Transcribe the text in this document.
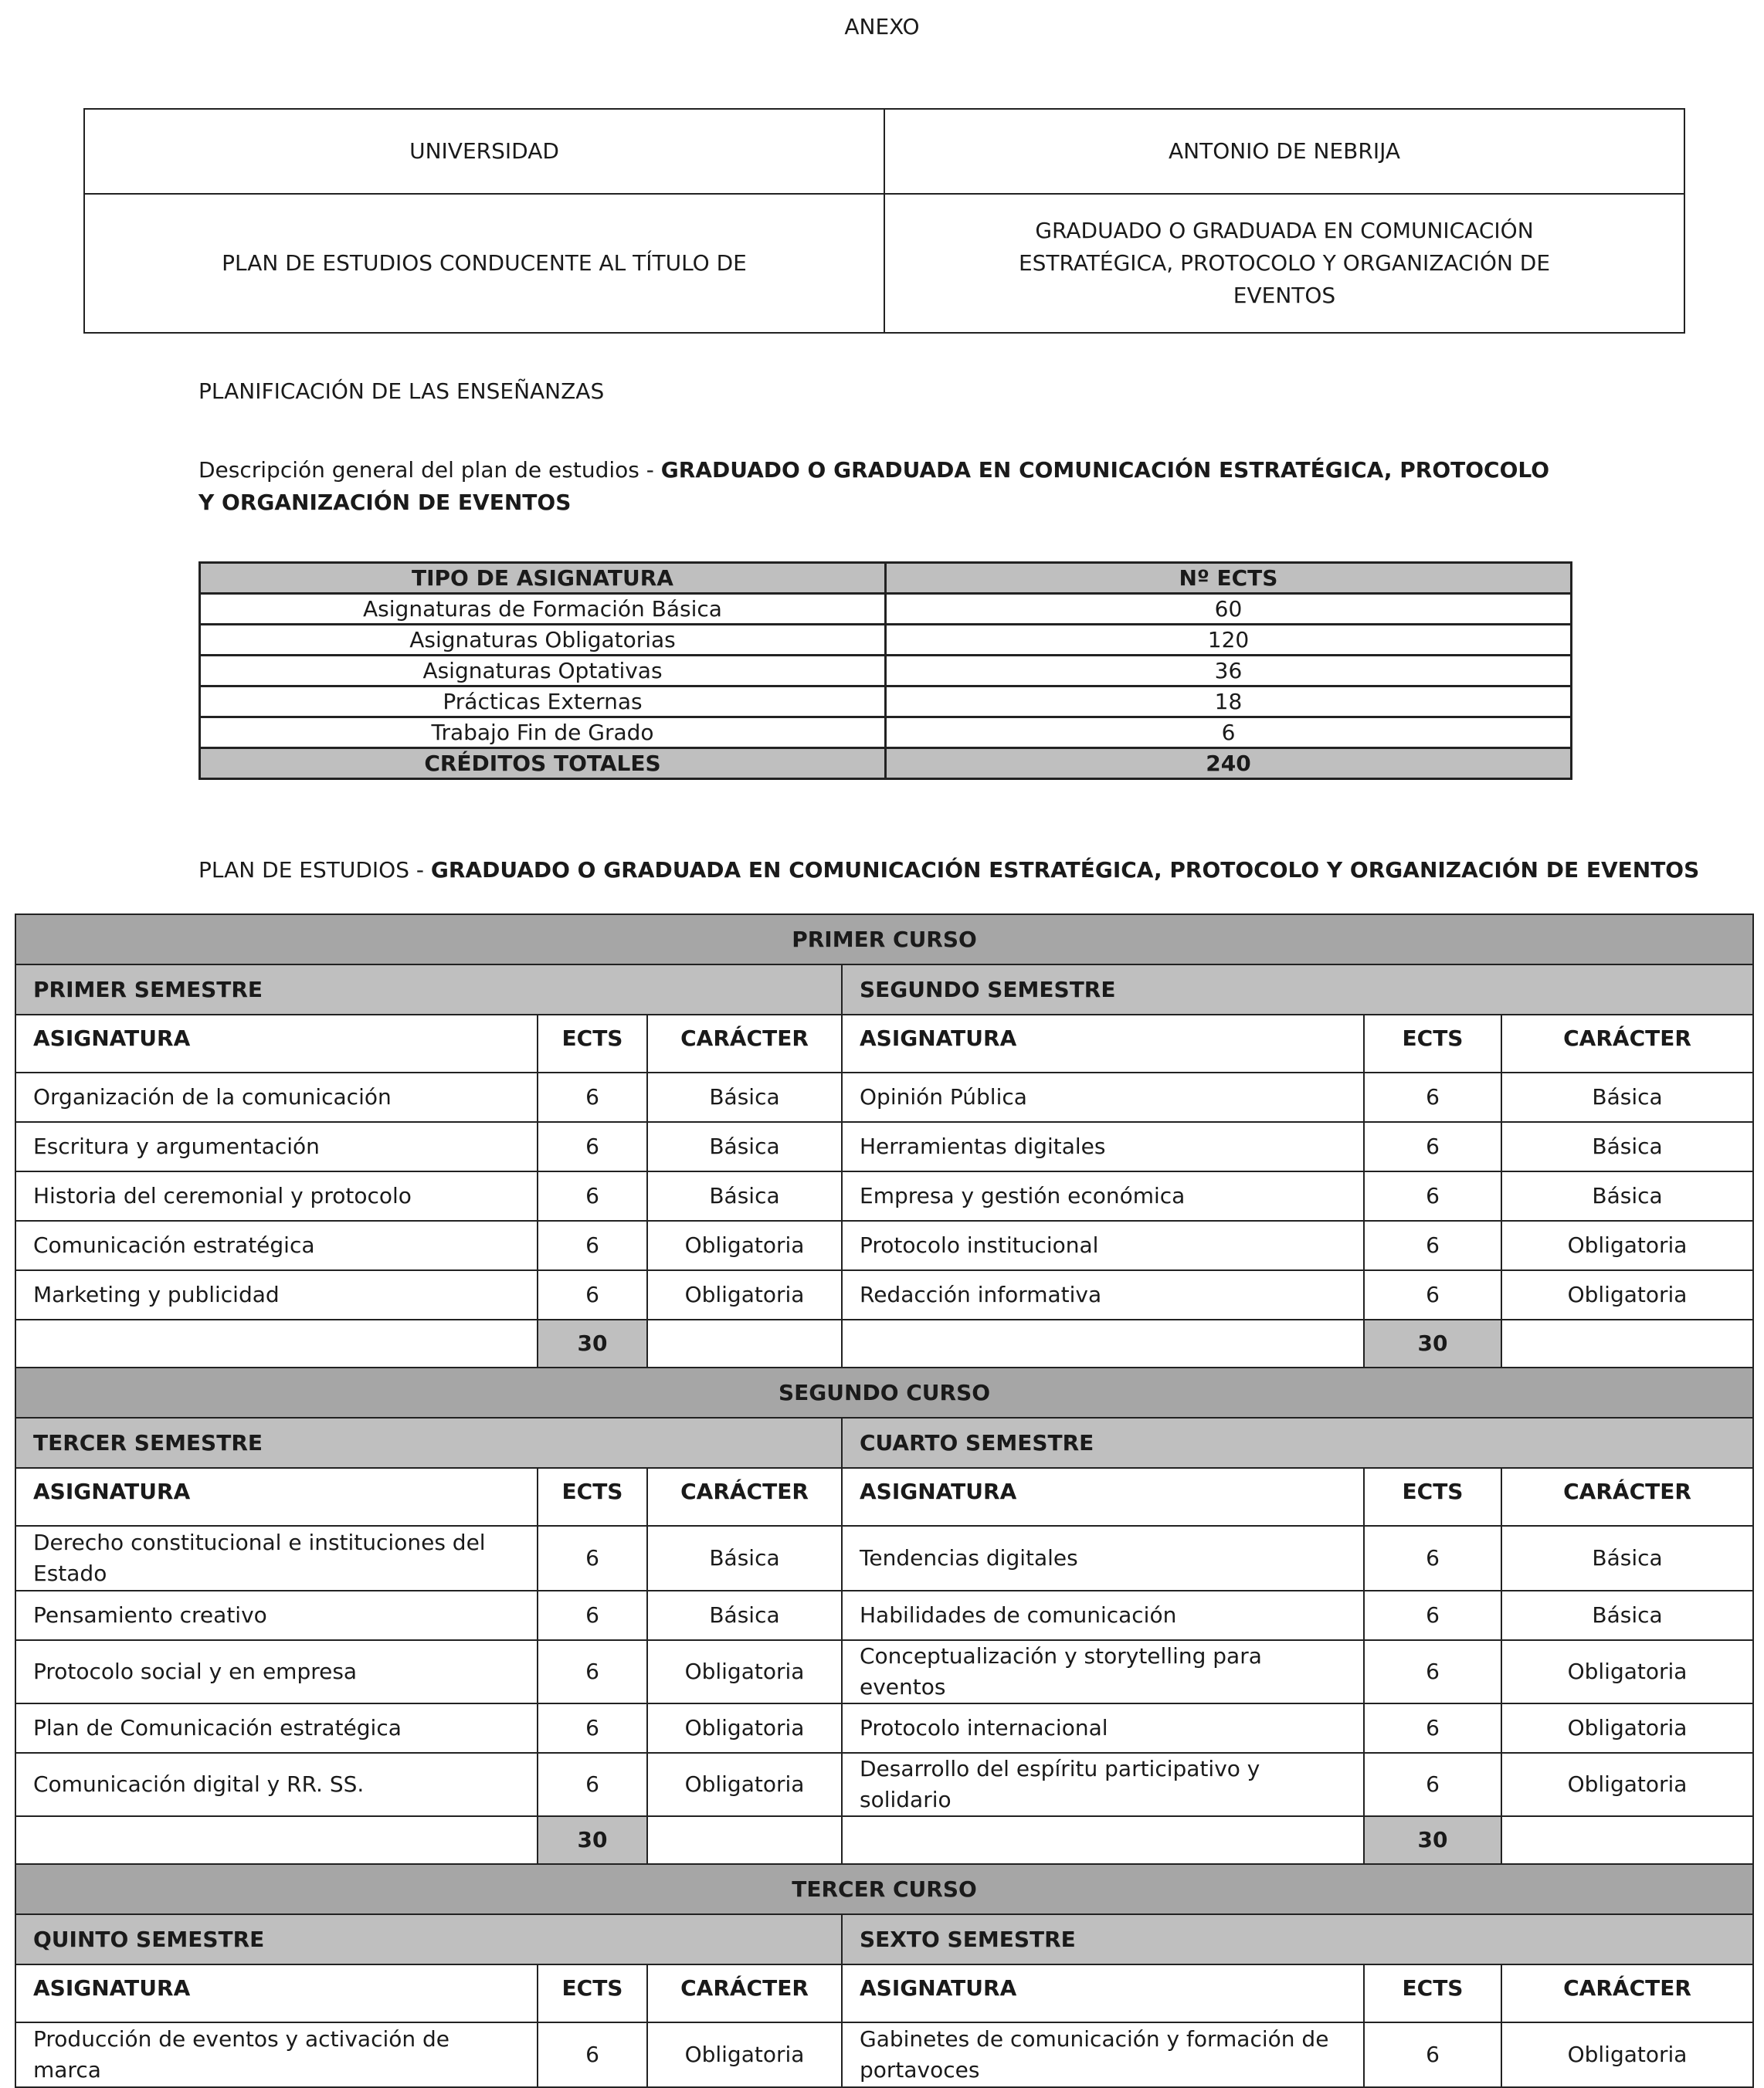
ANEXO
UNIVERSIDAD	ANTONIO DE NEBRIJA
PLAN DE ESTUDIOS CONDUCENTE AL TÍTULO DE	GRADUADO O GRADUADA EN COMUNICACIÓN ESTRATÉGICA, PROTOCOLO Y ORGANIZACIÓN DE EVENTOS
PLANIFICACIÓN DE LAS ENSEÑANZAS
Descripción general del plan de estudios - GRADUADO O GRADUADA EN COMUNICACIÓN ESTRATÉGICA, PROTOCOLO Y ORGANIZACIÓN DE EVENTOS
TIPO DE ASIGNATURA	Nº ECTS
Asignaturas de Formación Básica	60
Asignaturas Obligatorias	120
Asignaturas Optativas	36
Prácticas Externas	18
Trabajo Fin de Grado	6
CRÉDITOS TOTALES	240
PLAN DE ESTUDIOS - GRADUADO O GRADUADA EN COMUNICACIÓN ESTRATÉGICA, PROTOCOLO Y ORGANIZACIÓN DE EVENTOS
PRIMER CURSO					
PRIMER SEMESTRE			SEGUNDO SEMESTRE		
ASIGNATURA	ECTS	CARÁCTER	ASIGNATURA	ECTS	CARÁCTER
Organización de la comunicación	6	Básica	Opinión Pública	6	Básica
Escritura y argumentación	6	Básica	Herramientas digitales	6	Básica
Historia del ceremonial y protocolo	6	Básica	Empresa y gestión económica	6	Básica
Comunicación estratégica	6	Obligatoria	Protocolo institucional	6	Obligatoria
Marketing y publicidad	6	Obligatoria	Redacción informativa	6	Obligatoria
	30			30	
SEGUNDO CURSO					
TERCER SEMESTRE			CUARTO SEMESTRE		
ASIGNATURA	ECTS	CARÁCTER	ASIGNATURA	ECTS	CARÁCTER
Derecho constitucional e instituciones del Estado	6	Básica	Tendencias digitales	6	Básica
Pensamiento creativo	6	Básica	Habilidades de comunicación	6	Básica
Protocolo social y en empresa	6	Obligatoria	Conceptualización y storytelling para eventos	6	Obligatoria
Plan de Comunicación estratégica	6	Obligatoria	Protocolo internacional	6	Obligatoria
Comunicación digital y RR. SS.	6	Obligatoria	Desarrollo del espíritu participativo y solidario	6	Obligatoria
	30			30	
TERCER CURSO					
QUINTO SEMESTRE			SEXTO SEMESTRE		
ASIGNATURA	ECTS	CARÁCTER	ASIGNATURA	ECTS	CARÁCTER
Producción de eventos y activación de marca	6	Obligatoria	Gabinetes de comunicación y formación de portavoces	6	Obligatoria
